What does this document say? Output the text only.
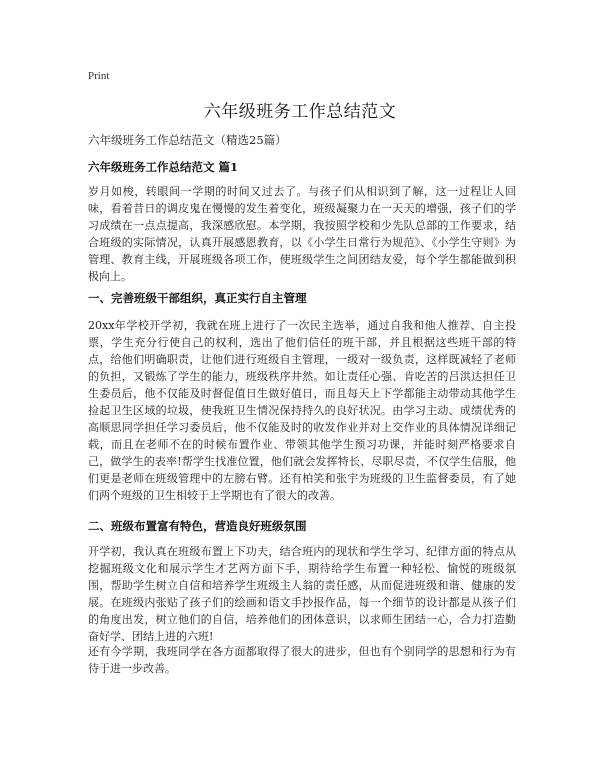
Print
六年级班务工作总结范文
六年级班务工作总结范文（精选25篇）
六年级班务工作总结范文 篇1

岁月如梭，转眼间一学期的时间又过去了。与孩子们从相识到了解，这一过程让人回味，看着昔日的调皮鬼在慢慢的发生着变化，班级凝聚力在一天天的增强，孩子们的学习成绩在一点点提高，我深感欣慰。本学期，我按照学校和少先队总部的工作要求，结合班级的实际情况，认真开展感恩教育，以《小学生日常行为规范》、《小学生守则》为管理、教育主线，开展班级各项工作，使班级学生之间团结友爱，每个学生都能做到积极向上。

一、完善班级干部组织，真正实行自主管理

20xx年学校开学初，我就在班上进行了一次民主选举，通过自我和他人推荐、自主投票，学生充分行使自己的权利，选出了他们信任的班干部，并且根据这些班干部的特点，给他们明确职责，让他们进行班级自主管理，一级对一级负责，这样既减轻了老师的负担，又锻炼了学生的能力，班级秩序井然。如让责任心强、肯吃苦的吕洪达担任卫生委员后，他不仅能及时督促值日生做好值日，而且每天上下学都能主动带动其他学生捡起卫生区域的垃圾，使我班卫生情况保持持久的良好状况。由学习主动、成绩优秀的高顺思同学担任学习委员后，他不仅能及时的收发作业并对上交作业的具体情况详细记载，而且在老师不在的时候布置作业、带领其他学生预习功课，并能时刻严格要求自己，做学生的表率!帮学生找准位置，他们就会发挥特长、尽职尽责，不仅学生信服，他们更是老师在班级管理中的左膀右臂。还有柏笑和张宇为班级的卫生监督委员，有了她们两个班级的卫生相较于上学期也有了很大的改善。

二、班级布置富有特色，营造良好班级氛围

开学初，我认真在班级布置上下功夫，结合班内的现状和学生学习、纪律方面的特点从挖掘班级文化和展示学生才艺两方面下手，期待给学生布置一种轻松、愉悦的班级氛围，帮助学生树立自信和培养学生班级主人翁的责任感，从而促进班级和谐、健康的发展。在班级内张贴了孩子们的绘画和语文手抄报作品，每一个细节的设计都是从孩子们的角度出发，树立他们的自信，培养他们的团体意识，以求师生团结一心，合力打造勤奋好学、团结上进的六班!

还有今学期，我班同学在各方面都取得了很大的进步，但也有个别同学的思想和行为有待于进一步改善。
